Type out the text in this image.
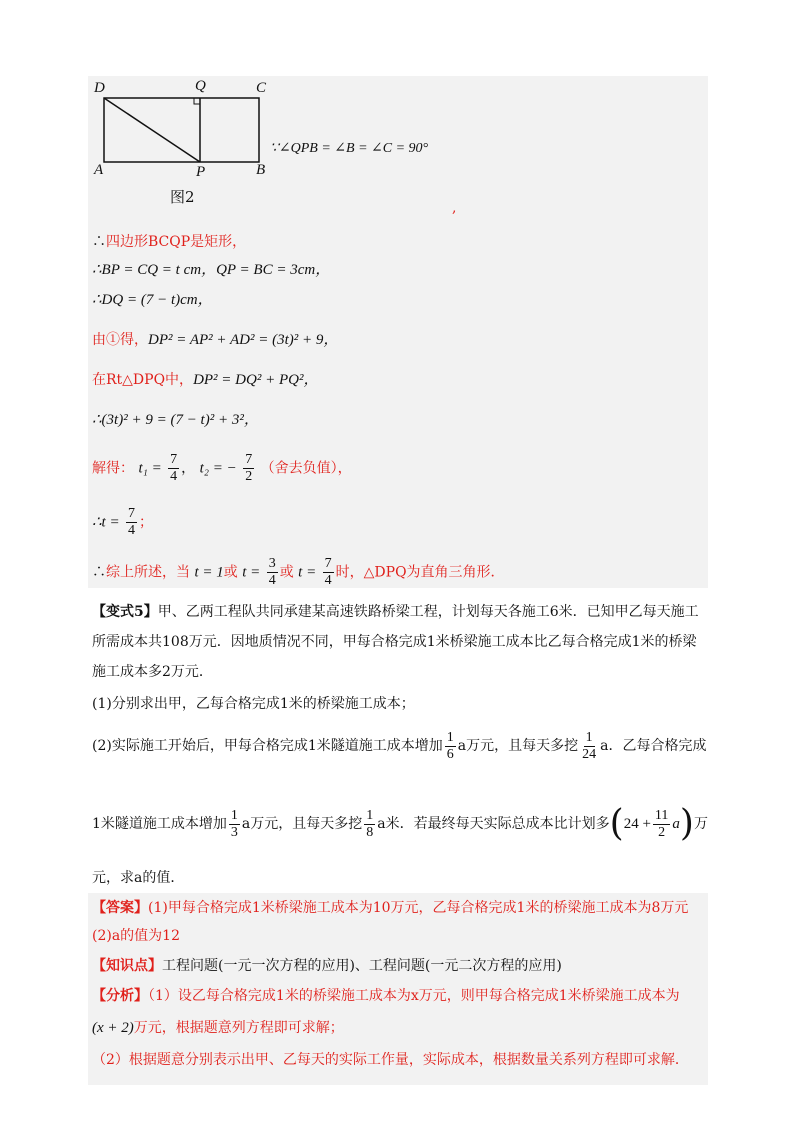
D	Q	C
A	P	B
图2
∵∠QPB = ∠B = ∠C = 90°
,
∴四边形BCQP是矩形，
∴BP = CQ = t cm，QP = BC = 3cm，
∴DQ = (7 − t)cm，
由①得，DP² = AP² + AD² = (3t)² + 9，
在Rt△DPQ中，DP² = DQ² + PQ²，
∴(3t)² + 9 = (7 − t)² + 3²，
解得： $t_1 = \frac{7}{4}$ ， t₂ = − $\frac{7}{2}$ （舍去负值），
∴t = $\frac{7}{4}$ ；
∴综上所述，当 t = 1或 $t = \frac{3}{4}$ 或 $t = \frac{7}{4}$ 时，△DPQ为直角三角形．
【变式5】甲、乙两工程队共同承建某高速铁路桥梁工程，计划每天各施工6米．已知甲乙每天施工
所需成本共108万元．因地质情况不同，甲每合格完成1米桥梁施工成本比乙每合格完成1米的桥梁
施工成本多2万元．
(1)分别求出甲，乙每合格完成1米的桥梁施工成本；
(2)实际施工开始后，甲每合格完成1米隧道施工成本增加 $\frac{1}{6}$ a万元，且每天多挖 $\frac{1}{24}$ a．乙每合格完成
1米隧道施工成本增加 $\frac{1}{3}$ a万元，且每天多挖 $\frac{1}{8}$ a米．若最终每天实际总成本比计划多$(24 + \frac{11}{2} a)$万
元，求a的值．
【答案】(1)甲每合格完成1米桥梁施工成本为10万元，乙每合格完成1米的桥梁施工成本为8万元
(2)a的值为12
【知识点】工程问题(一元一次方程的应用)、工程问题(一元二次方程的应用)
【分析】（1）设乙每合格完成1米的桥梁施工成本为x万元，则甲每合格完成1米桥梁施工成本为
(x + 2)万元，根据题意列方程即可求解；
（2）根据题意分别表示出甲、乙每天的实际工作量，实际成本，根据数量关系列方程即可求解．
